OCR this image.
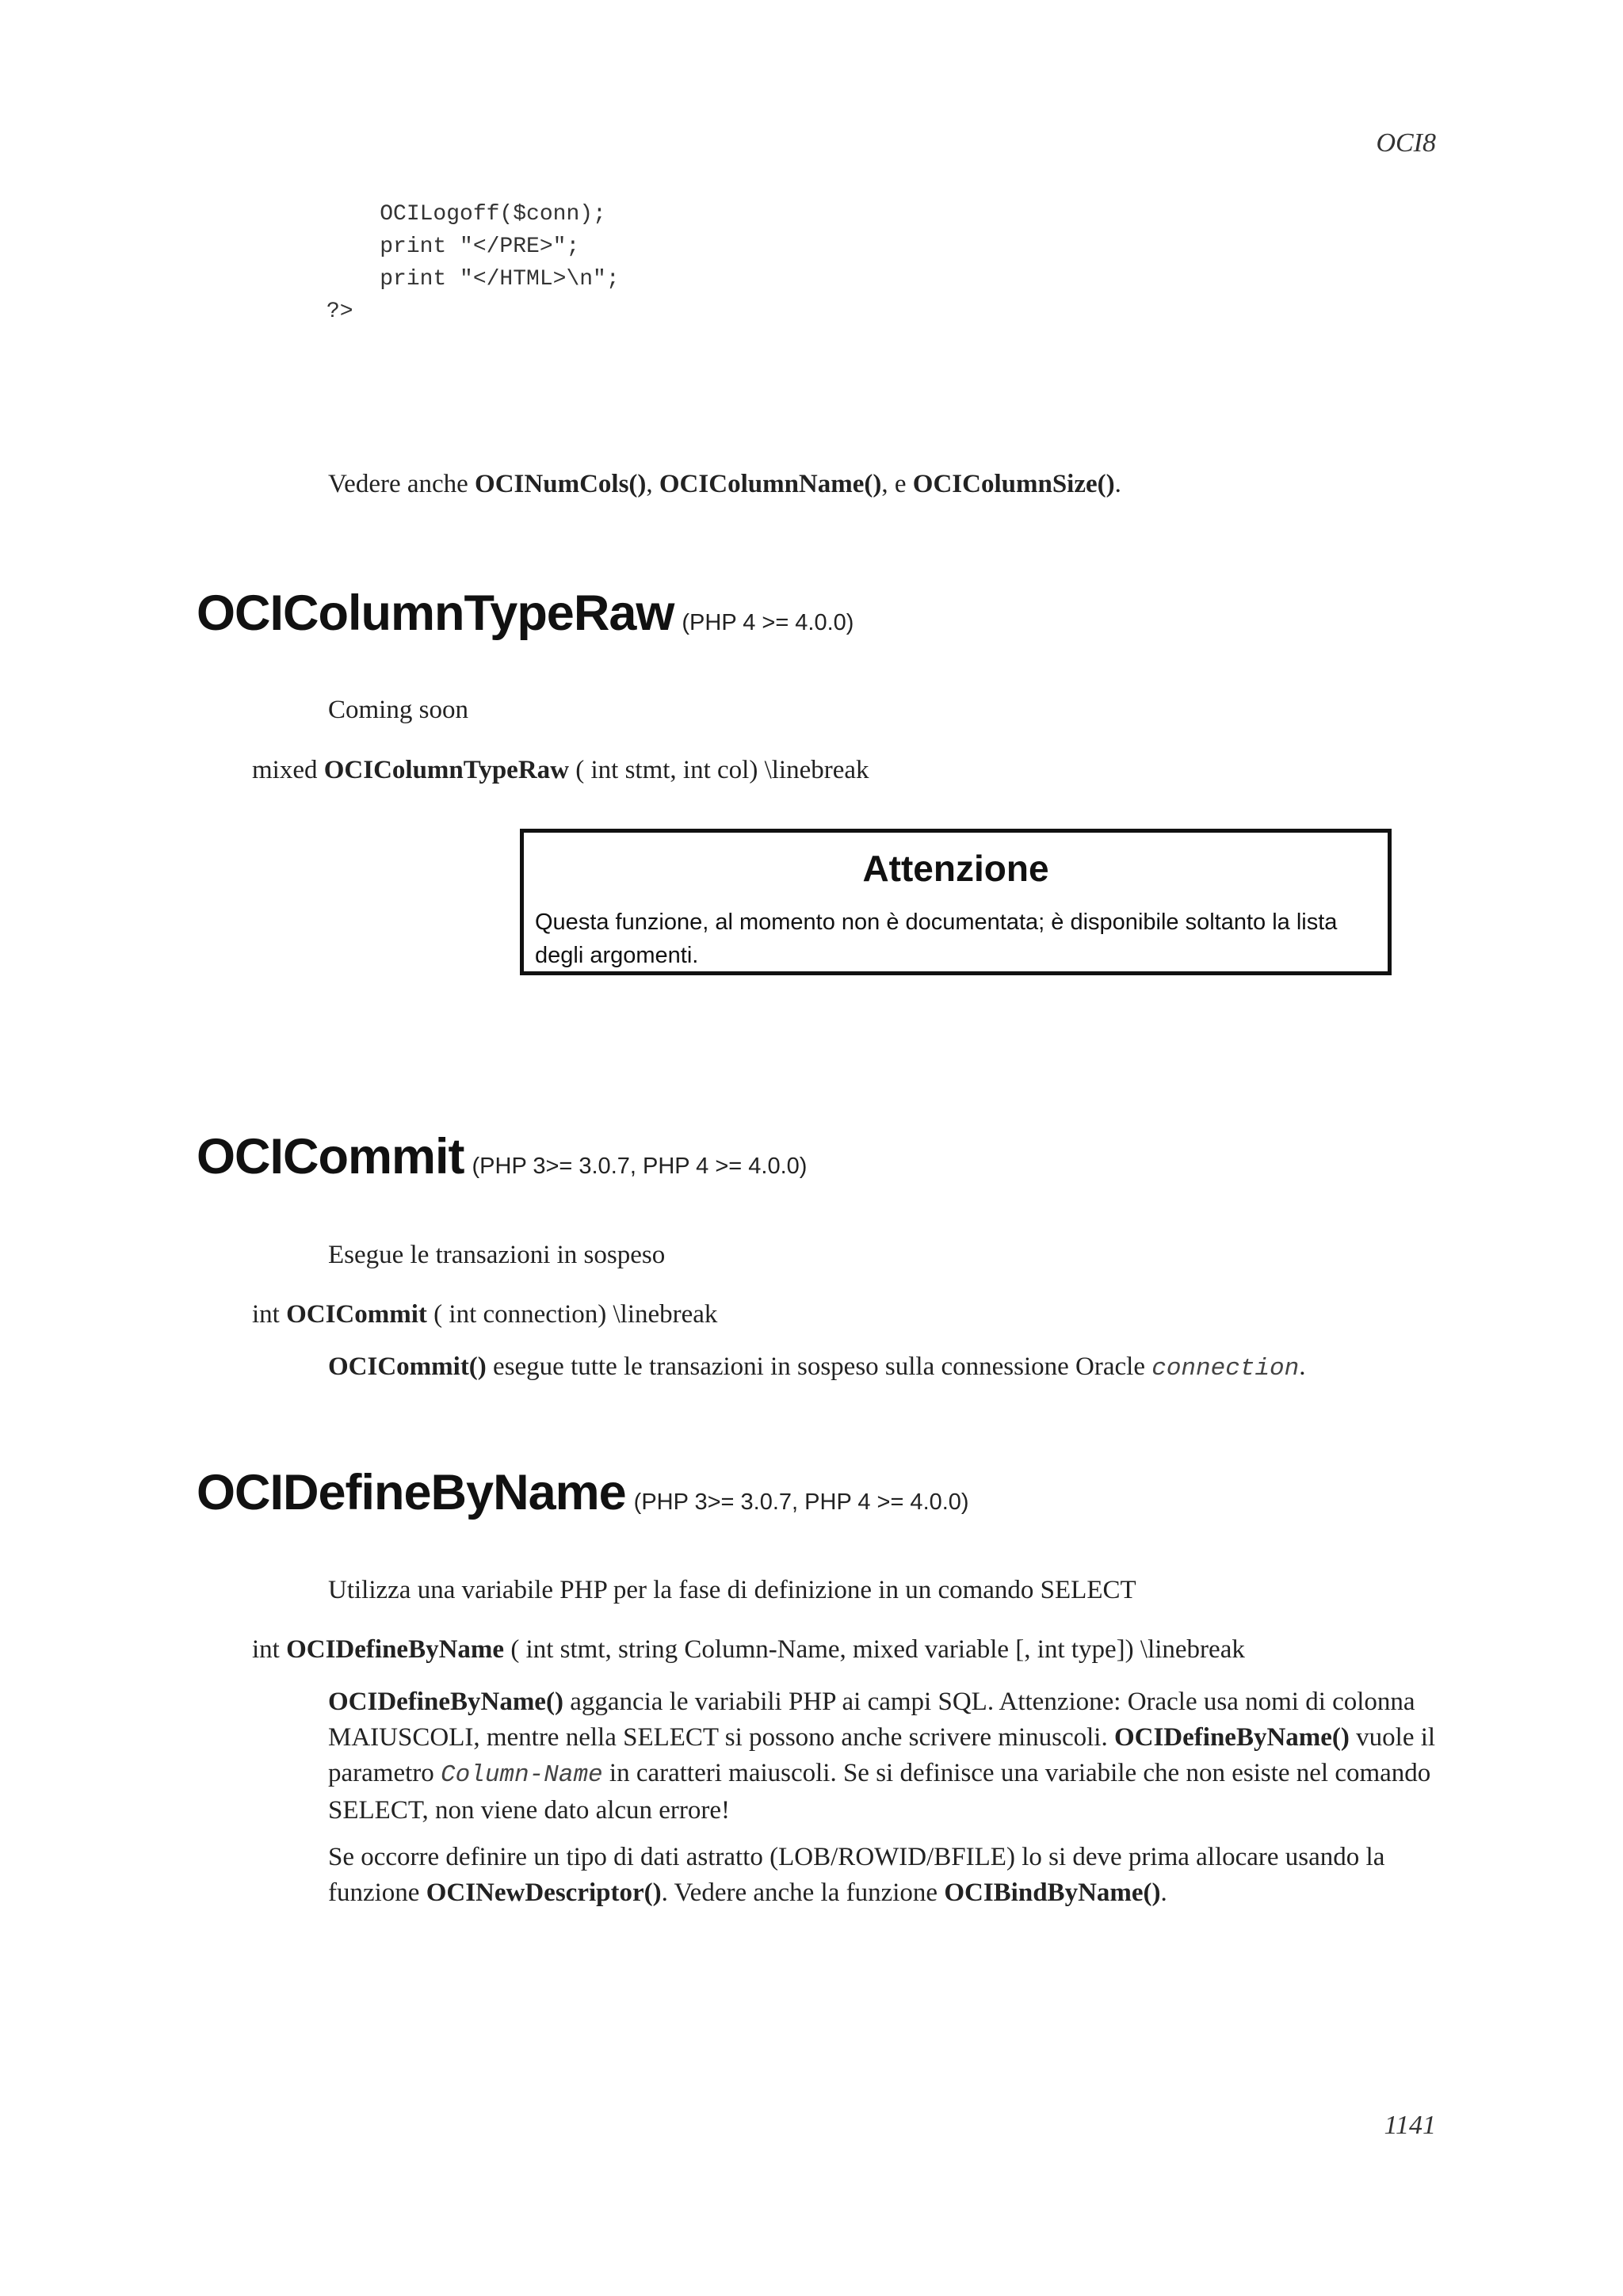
OCI8
OCILogoff($conn);
print "</PRE>";
print "</HTML>\n";
?>

Vedere anche OCINumCols(), OCIColumnName(), e OCIColumnSize().

OCIColumnTypeRaw (PHP 4 >= 4.0.0)

Coming soon

mixed OCIColumnTypeRaw ( int stmt, int col) \linebreak

Attenzione
Questa funzione, al momento non è documentata; è disponibile soltanto la lista degli argomenti.
OCICommit (PHP 3>= 3.0.7, PHP 4 >= 4.0.0)

Esegue le transazioni in sospeso

int OCICommit ( int connection) \linebreak

OCICommit() esegue tutte le transazioni in sospeso sulla connessione Oracle connection.

OCIDefineByName (PHP 3>= 3.0.7, PHP 4 >= 4.0.0)

Utilizza una variabile PHP per la fase di definizione in un comando SELECT

int OCIDefineByName ( int stmt, string Column-Name, mixed variable [, int type]) \linebreak

OCIDefineByName() aggancia le variabili PHP ai campi SQL. Attenzione: Oracle usa nomi di colonna MAIUSCOLI, mentre nella SELECT si possono anche scrivere minuscoli. OCIDefineByName() vuole il parametro Column-Name in caratteri maiuscoli. Se si definisce una variabile che non esiste nel comando SELECT, non viene dato alcun errore!

Se occorre definire un tipo di dati astratto (LOB/ROWID/BFILE) lo si deve prima allocare usando la funzione OCINewDescriptor(). Vedere anche la funzione OCIBindByName().

1141
